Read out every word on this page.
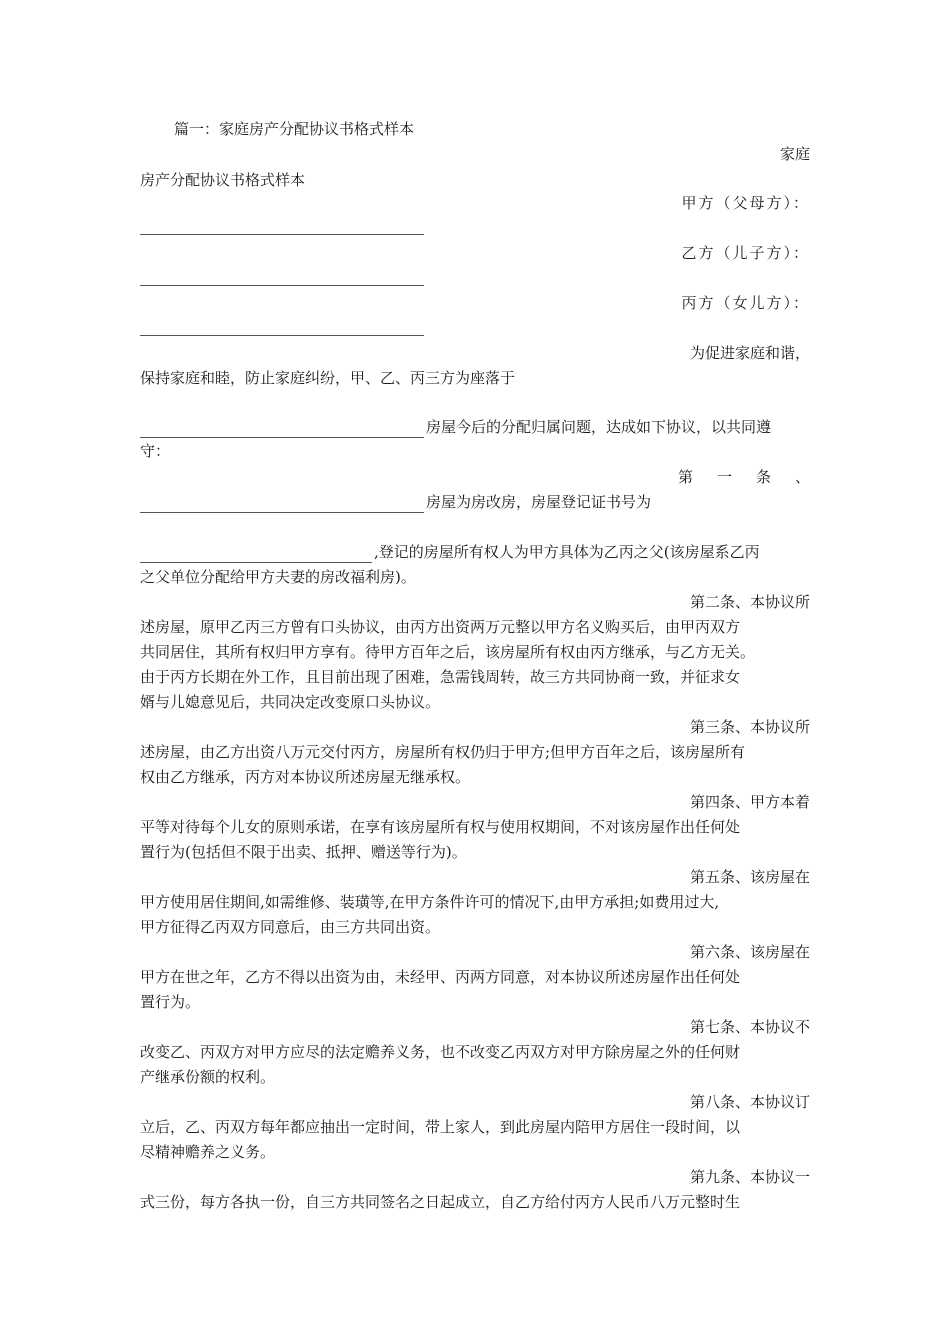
篇一：家庭房产分配协议书格式样本
家庭
房产分配协议书格式样本
甲方（父母方）：
乙方（儿子方）：
丙方（女儿方）：
为促进家庭和谐，
保持家庭和睦，防止家庭纠纷，甲、乙、丙三方为座落于
房屋今后的分配归属问题，达成如下协议，以共同遵
守：
第 一 条 、
房屋为房改房，房屋登记证书号为
,登记的房屋所有权人为甲方具体为乙丙之父(该房屋系乙丙
之父单位分配给甲方夫妻的房改福利房)。
第二条、本协议所
述房屋，原甲乙丙三方曾有口头协议，由丙方出资两万元整以甲方名义购买后，由甲丙双方
共同居住，其所有权归甲方享有。待甲方百年之后，该房屋所有权由丙方继承，与乙方无关。
由于丙方长期在外工作，且目前出现了困难，急需钱周转，故三方共同协商一致，并征求女
婿与儿媳意见后，共同决定改变原口头协议。
第三条、本协议所
述房屋，由乙方出资八万元交付丙方，房屋所有权仍归于甲方;但甲方百年之后，该房屋所有
权由乙方继承，丙方对本协议所述房屋无继承权。
第四条、甲方本着
平等对待每个儿女的原则承诺，在享有该房屋所有权与使用权期间，不对该房屋作出任何处
置行为(包括但不限于出卖、抵押、赠送等行为)。
第五条、该房屋在
甲方使用居住期间,如需维修、装璜等,在甲方条件许可的情况下,由甲方承担;如费用过大,
甲方征得乙丙双方同意后，由三方共同出资。
第六条、该房屋在
甲方在世之年，乙方不得以出资为由，未经甲、丙两方同意，对本协议所述房屋作出任何处
置行为。
第七条、本协议不
改变乙、丙双方对甲方应尽的法定赡养义务，也不改变乙丙双方对甲方除房屋之外的任何财
产继承份额的权利。
第八条、本协议订
立后，乙、丙双方每年都应抽出一定时间，带上家人，到此房屋内陪甲方居住一段时间，以
尽精神赡养之义务。
第九条、本协议一
式三份，每方各执一份，自三方共同签名之日起成立，自乙方给付丙方人民币八万元整时生
